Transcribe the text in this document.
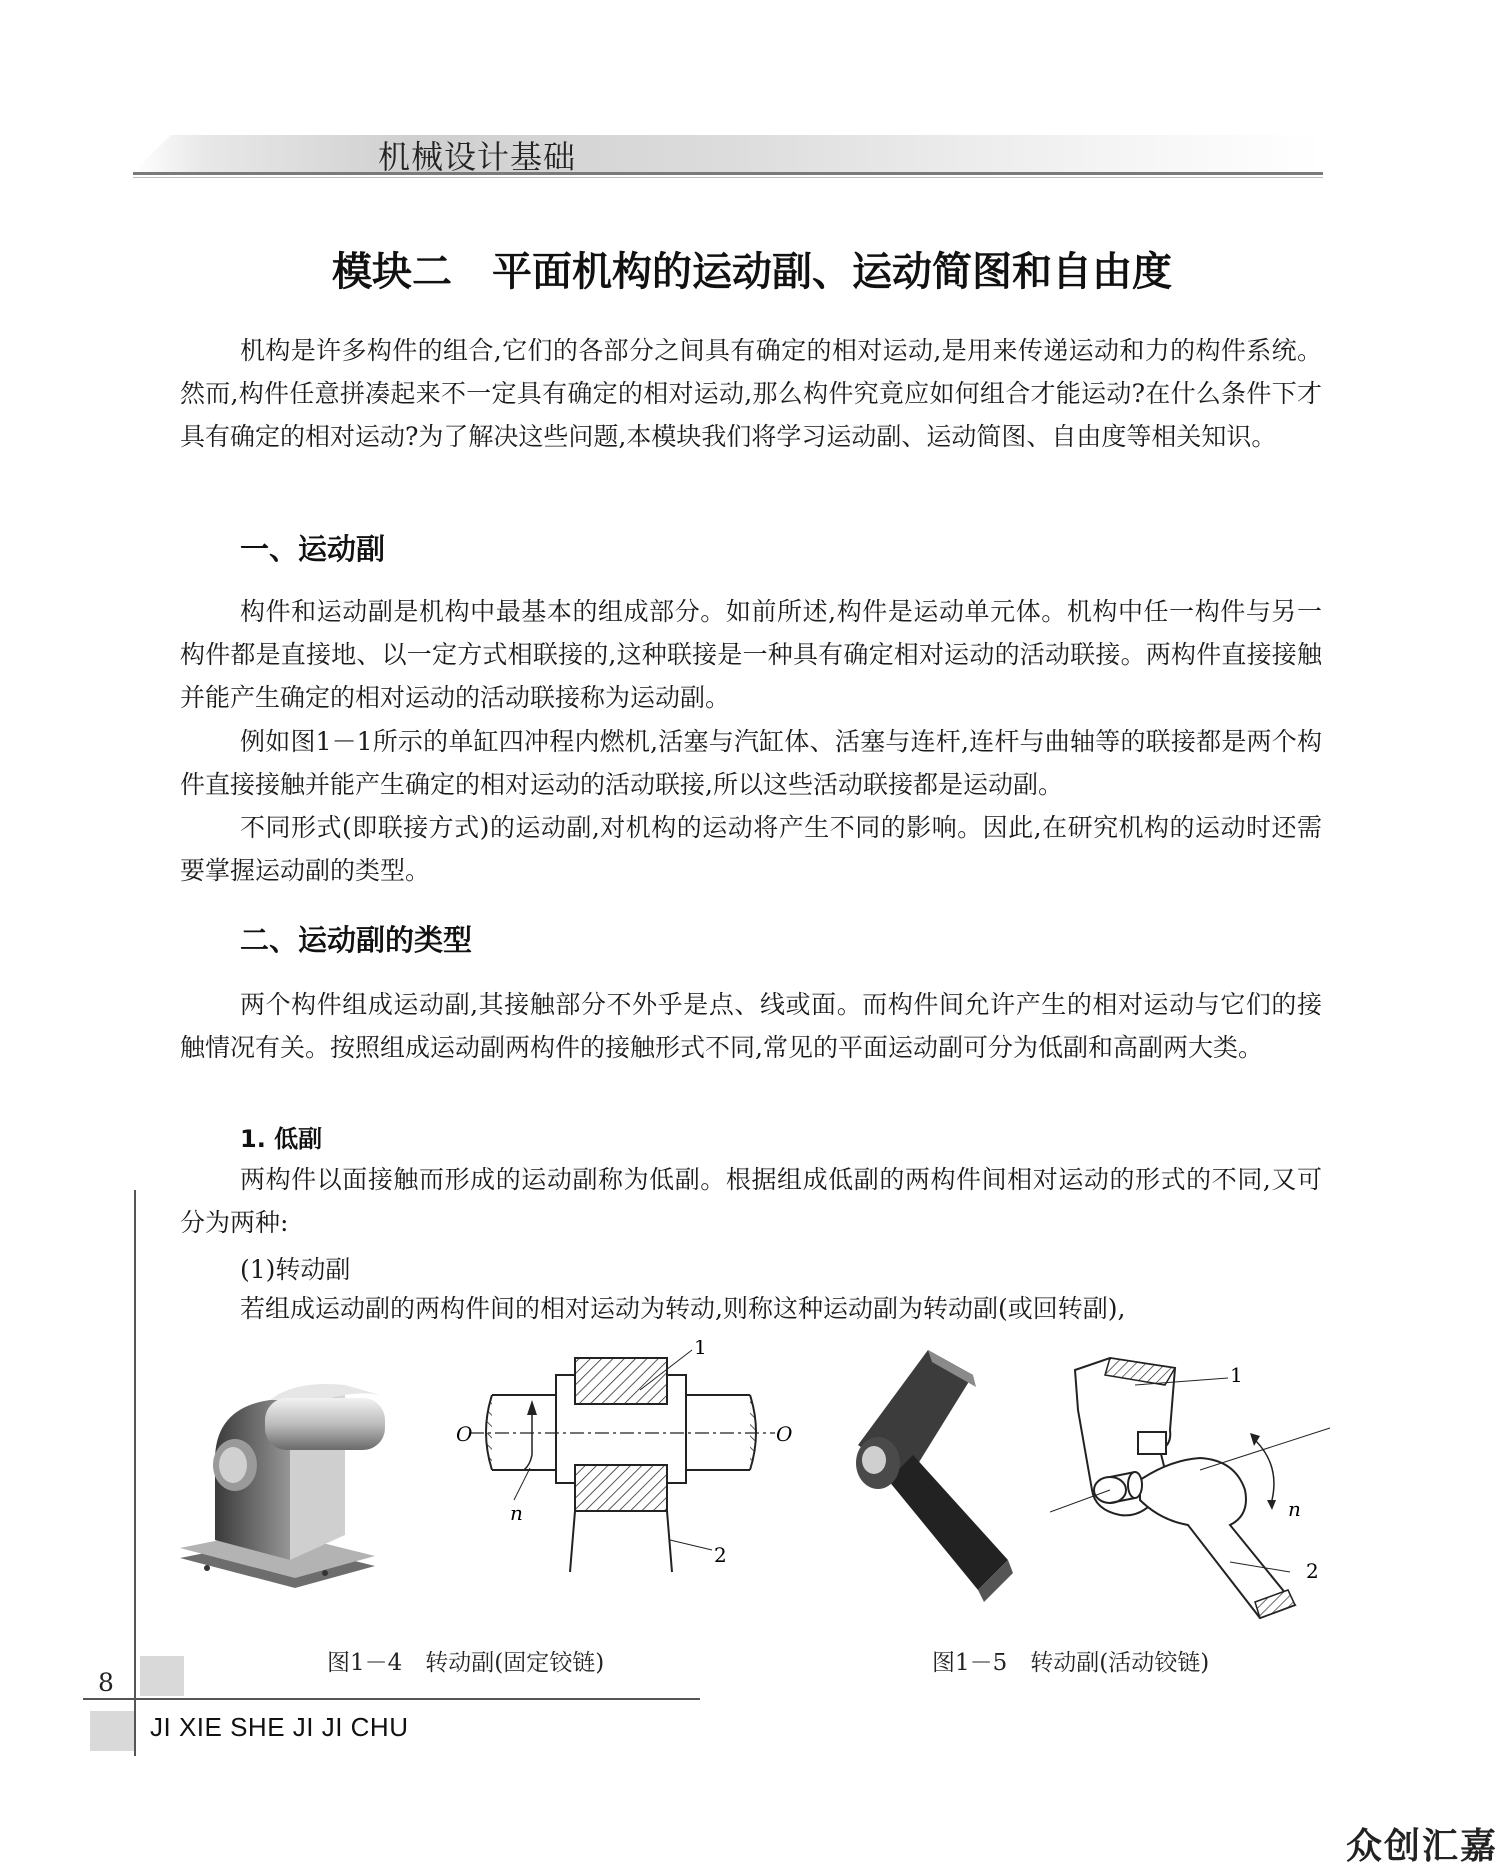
机械设计基础
模块二　平面机构的运动副、运动简图和自由度

机构是许多构件的组合,它们的各部分之间具有确定的相对运动,是用来传递运动和力的构件系统。然而,构件任意拼凑起来不一定具有确定的相对运动,那么构件究竟应如何组合才能运动?在什么条件下才具有确定的相对运动?为了解决这些问题,本模块我们将学习运动副、运动简图、自由度等相关知识。

一、运动副

构件和运动副是机构中最基本的组成部分。如前所述,构件是运动单元体。机构中任一构件与另一构件都是直接地、以一定方式相联接的,这种联接是一种具有确定相对运动的活动联接。两构件直接接触并能产生确定的相对运动的活动联接称为运动副。

例如图1－1所示的单缸四冲程内燃机,活塞与汽缸体、活塞与连杆,连杆与曲轴等的联接都是两个构件直接接触并能产生确定的相对运动的活动联接,所以这些活动联接都是运动副。

不同形式(即联接方式)的运动副,对机构的运动将产生不同的影响。因此,在研究机构的运动时还需要掌握运动副的类型。

二、运动副的类型

两个构件组成运动副,其接触部分不外乎是点、线或面。而构件间允许产生的相对运动与它们的接触情况有关。按照组成运动副两构件的接触形式不同,常见的平面运动副可分为低副和高副两大类。

1. 低副

两构件以面接触而形成的运动副称为低副。根据组成低副的两构件间相对运动的形式的不同,又可分为两种:

(1)转动副

若组成运动副的两构件间的相对运动为转动,则称这种运动副为转动副(或回转副),

O	O
n
1
2
1
n
2
图1－4　转动副(固定铰链)	图1－5　转动副(活动铰链)
8
JI XIE SHE JI JI CHU
众创汇嘉
